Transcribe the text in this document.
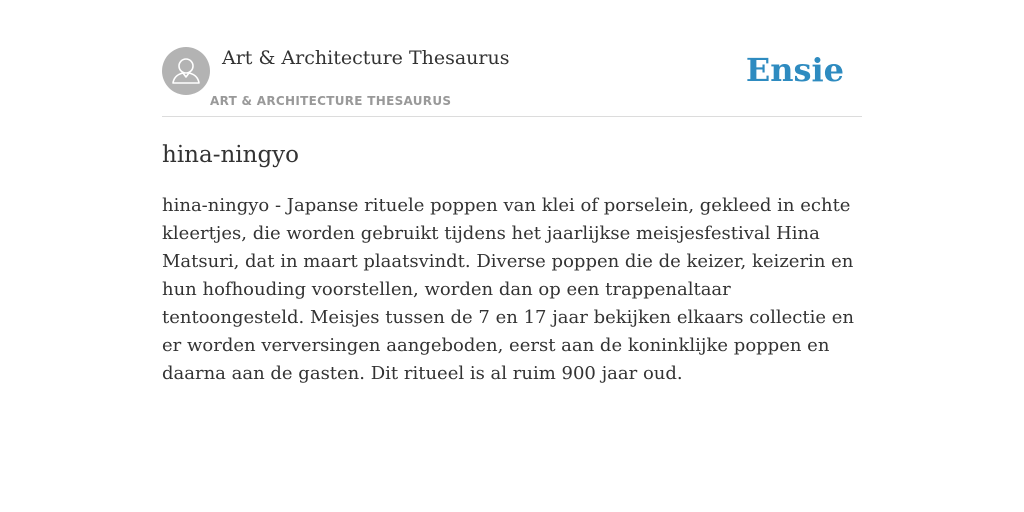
Art & Architecture Thesaurus
ART & ARCHITECTURE THESAURUS
Ensie
hina-ningyo

hina-ningyo - Japanse rituele poppen van klei of porselein, gekleed in echte kleertjes, die worden gebruikt tijdens het jaarlijkse meisjesfestival Hina Matsuri, dat in maart plaatsvindt. Diverse poppen die de keizer, keizerin en hun hofhouding voorstellen, worden dan op een trappenaltaar tentoongesteld. Meisjes tussen de 7 en 17 jaar bekijken elkaars collectie en er worden verversingen aangeboden, eerst aan de koninklijke poppen en daarna aan de gasten. Dit ritueel is al ruim 900 jaar oud.
